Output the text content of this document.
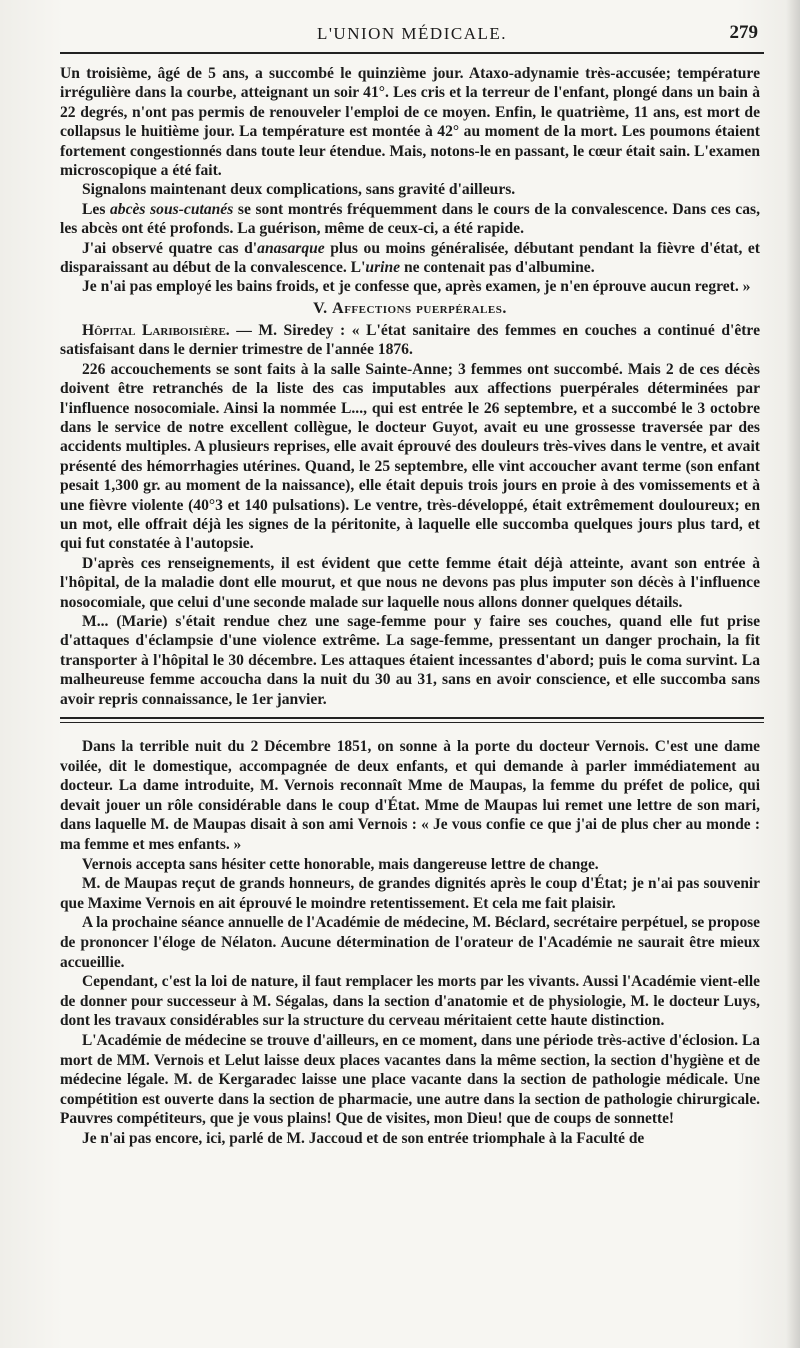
L'UNION MÉDICALE.	279

Un troisième, âgé de 5 ans, a succombé le quinzième jour. Ataxo-adynamie très-accusée; température irrégulière dans la courbe, atteignant un soir 41°. Les cris et la terreur de l'enfant, plongé dans un bain à 22 degrés, n'ont pas permis de renouveler l'emploi de ce moyen. Enfin, le quatrième, 11 ans, est mort de collapsus le huitième jour. La température est montée à 42° au moment de la mort. Les poumons étaient fortement congestionnés dans toute leur étendue. Mais, notons-le en passant, le cœur était sain. L'examen microscopique a été fait.

Signalons maintenant deux complications, sans gravité d'ailleurs.

Les abcès sous-cutanés se sont montrés fréquemment dans le cours de la convalescence. Dans ces cas, les abcès ont été profonds. La guérison, même de ceux-ci, a été rapide.

J'ai observé quatre cas d'anasarque plus ou moins généralisée, débutant pendant la fièvre d'état, et disparaissant au début de la convalescence. L'urine ne contenait pas d'albumine.

Je n'ai pas employé les bains froids, et je confesse que, après examen, je n'en éprouve aucun regret. »

V. Affections puerpérales.

Hôpital Lariboisière. — M. Siredey : « L'état sanitaire des femmes en couches a continué d'être satisfaisant dans le dernier trimestre de l'année 1876.

226 accouchements se sont faits à la salle Sainte-Anne; 3 femmes ont succombé. Mais 2 de ces décès doivent être retranchés de la liste des cas imputables aux affections puerpérales déterminées par l'influence nosocomiale. Ainsi la nommée L..., qui est entrée le 26 septembre, et a succombé le 3 octobre dans le service de notre excellent collègue, le docteur Guyot, avait eu une grossesse traversée par des accidents multiples. A plusieurs reprises, elle avait éprouvé des douleurs très-vives dans le ventre, et avait présenté des hémorrhagies utérines. Quand, le 25 septembre, elle vint accoucher avant terme (son enfant pesait 1,300 gr. au moment de la naissance), elle était depuis trois jours en proie à des vomissements et à une fièvre violente (40°3 et 140 pulsations). Le ventre, très-développé, était extrêmement douloureux; en un mot, elle offrait déjà les signes de la péritonite, à laquelle elle succomba quelques jours plus tard, et qui fut constatée à l'autopsie.

D'après ces renseignements, il est évident que cette femme était déjà atteinte, avant son entrée à l'hôpital, de la maladie dont elle mourut, et que nous ne devons pas plus imputer son décès à l'influence nosocomiale, que celui d'une seconde malade sur laquelle nous allons donner quelques détails.

M... (Marie) s'était rendue chez une sage-femme pour y faire ses couches, quand elle fut prise d'attaques d'éclampsie d'une violence extrême. La sage-femme, pressentant un danger prochain, la fit transporter à l'hôpital le 30 décembre. Les attaques étaient incessantes d'abord; puis le coma survint. La malheureuse femme accoucha dans la nuit du 30 au 31, sans en avoir conscience, et elle succomba sans avoir repris connaissance, le 1er janvier.

Dans la terrible nuit du 2 Décembre 1851, on sonne à la porte du docteur Vernois. C'est une dame voilée, dit le domestique, accompagnée de deux enfants, et qui demande à parler immédiatement au docteur. La dame introduite, M. Vernois reconnaît Mme de Maupas, la femme du préfet de police, qui devait jouer un rôle considérable dans le coup d'État. Mme de Maupas lui remet une lettre de son mari, dans laquelle M. de Maupas disait à son ami Vernois : « Je vous confie ce que j'ai de plus cher au monde : ma femme et mes enfants. »

Vernois accepta sans hésiter cette honorable, mais dangereuse lettre de change.

M. de Maupas reçut de grands honneurs, de grandes dignités après le coup d'État; je n'ai pas souvenir que Maxime Vernois en ait éprouvé le moindre retentissement. Et cela me fait plaisir.

A la prochaine séance annuelle de l'Académie de médecine, M. Béclard, secrétaire perpétuel, se propose de prononcer l'éloge de Nélaton. Aucune détermination de l'orateur de l'Académie ne saurait être mieux accueillie.

Cependant, c'est la loi de nature, il faut remplacer les morts par les vivants. Aussi l'Académie vient-elle de donner pour successeur à M. Ségalas, dans la section d'anatomie et de physiologie, M. le docteur Luys, dont les travaux considérables sur la structure du cerveau méritaient cette haute distinction.

L'Académie de médecine se trouve d'ailleurs, en ce moment, dans une période très-active d'éclosion. La mort de MM. Vernois et Lelut laisse deux places vacantes dans la même section, la section d'hygiène et de médecine légale. M. de Kergaradec laisse une place vacante dans la section de pathologie médicale. Une compétition est ouverte dans la section de pharmacie, une autre dans la section de pathologie chirurgicale. Pauvres compétiteurs, que je vous plains! Que de visites, mon Dieu! que de coups de sonnette!

Je n'ai pas encore, ici, parlé de M. Jaccoud et de son entrée triomphale à la Faculté de
